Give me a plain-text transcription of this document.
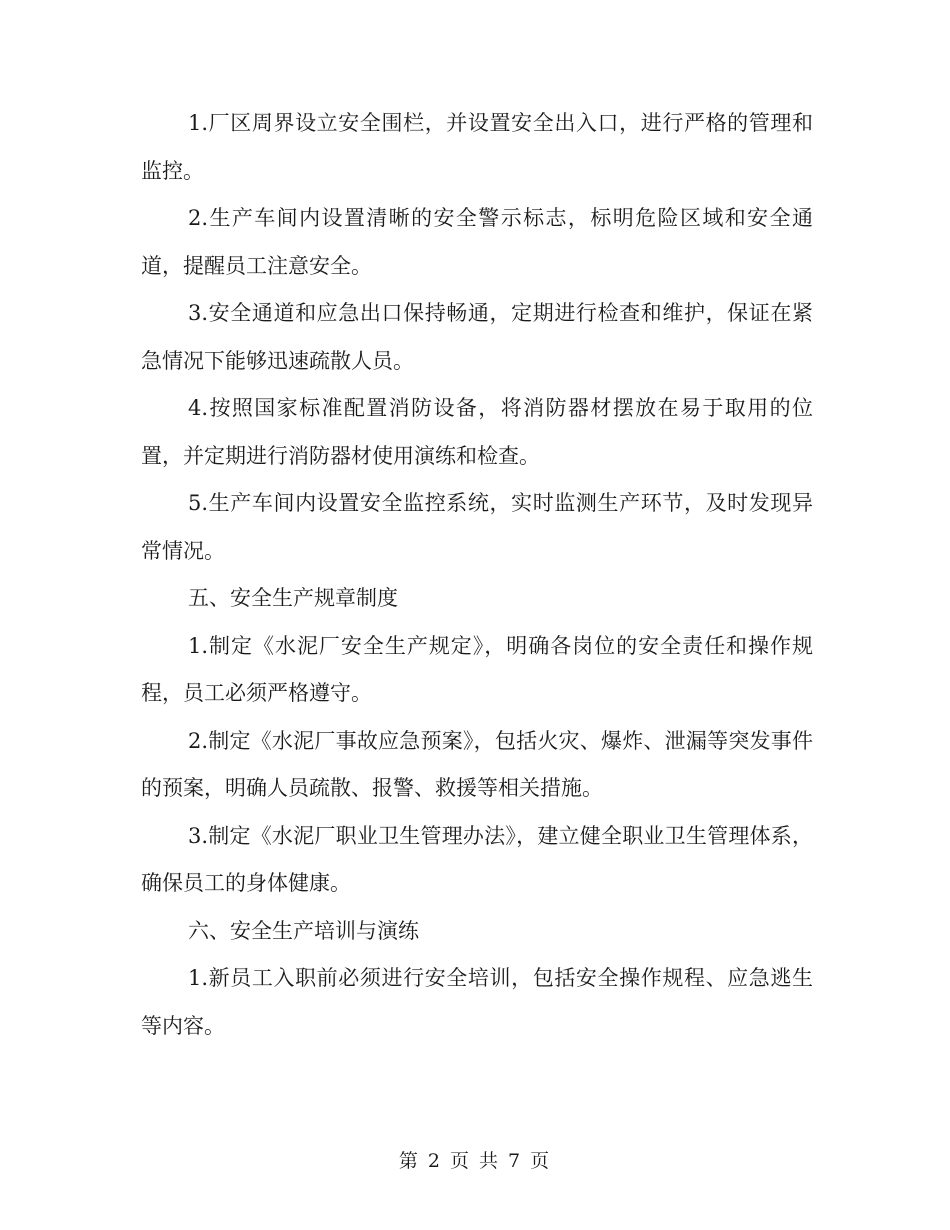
1.厂区周界设立安全围栏，并设置安全出入口，进行严格的管理和监控。

2.生产车间内设置清晰的安全警示标志，标明危险区域和安全通道，提醒员工注意安全。

3.安全通道和应急出口保持畅通，定期进行检查和维护，保证在紧急情况下能够迅速疏散人员。

4.按照国家标准配置消防设备，将消防器材摆放在易于取用的位置，并定期进行消防器材使用演练和检查。

5.生产车间内设置安全监控系统，实时监测生产环节，及时发现异常情况。

五、安全生产规章制度

1.制定《水泥厂安全生产规定》，明确各岗位的安全责任和操作规程，员工必须严格遵守。

2.制定《水泥厂事故应急预案》，包括火灾、爆炸、泄漏等突发事件的预案，明确人员疏散、报警、救援等相关措施。

3.制定《水泥厂职业卫生管理办法》，建立健全职业卫生管理体系，确保员工的身体健康。

六、安全生产培训与演练

1.新员工入职前必须进行安全培训，包括安全操作规程、应急逃生等内容。

第 2 页 共 7 页
